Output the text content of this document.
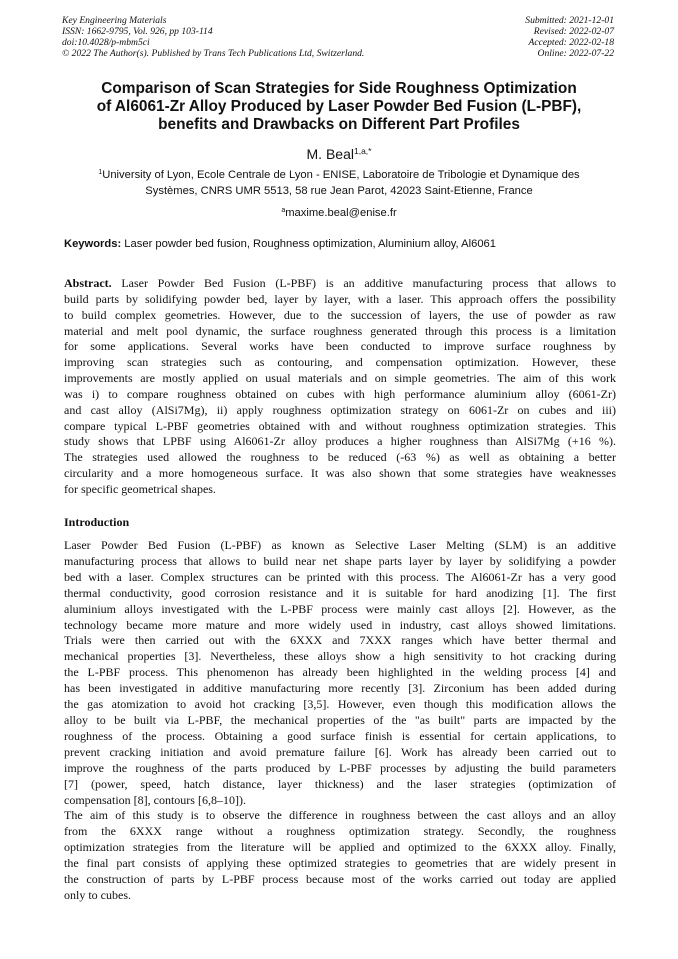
Key Engineering Materials
ISSN: 1662-9795, Vol. 926, pp 103-114
doi:10.4028/p-mbm5ci
© 2022 The Author(s). Published by Trans Tech Publications Ltd, Switzerland.
Submitted: 2021-12-01
Revised: 2022-02-07
Accepted: 2022-02-18
Online: 2022-07-22
Comparison of Scan Strategies for Side Roughness Optimization
of Al6061-Zr Alloy Produced by Laser Powder Bed Fusion (L-PBF),
benefits and Drawbacks on Different Part Profiles
M. Beal$^{1,a,*}$
$^1$University of Lyon, Ecole Centrale de Lyon - ENISE, Laboratoire de Tribologie et Dynamique des
Systèmes, CNRS UMR 5513, 58 rue Jean Parot, 42023 Saint-Etienne, France
$^a$maxime.beal@enise.fr
Keywords: Laser powder bed fusion, Roughness optimization, Aluminium alloy, Al6061
Abstract. Laser Powder Bed Fusion (L-PBF) is an additive manufacturing process that allows to
build parts by solidifying powder bed, layer by layer, with a laser. This approach offers the possibility
to build complex geometries. However, due to the succession of layers, the use of powder as raw
material and melt pool dynamic, the surface roughness generated through this process is a limitation
for some applications. Several works have been conducted to improve surface roughness by
improving scan strategies such as contouring, and compensation optimization. However, these
improvements are mostly applied on usual materials and on simple geometries. The aim of this work
was i) to compare roughness obtained on cubes with high performance aluminium alloy (6061-Zr)
and cast alloy (AlSi7Mg), ii) apply roughness optimization strategy on 6061-Zr on cubes and iii)
compare typical L-PBF geometries obtained with and without roughness optimization strategies. This
study shows that LPBF using Al6061-Zr alloy produces a higher roughness than AlSi7Mg (+16 %).
The strategies used allowed the roughness to be reduced (-63 %) as well as obtaining a better
circularity and a more homogeneous surface. It was also shown that some strategies have weaknesses
for specific geometrical shapes.
Introduction

Laser Powder Bed Fusion (L-PBF) as known as Selective Laser Melting (SLM) is an additive
manufacturing process that allows to build near net shape parts layer by layer by solidifying a powder
bed with a laser. Complex structures can be printed with this process. The Al6061-Zr has a very good
thermal conductivity, good corrosion resistance and it is suitable for hard anodizing [1]. The first
aluminium alloys investigated with the L-PBF process were mainly cast alloys [2]. However, as the
technology became more mature and more widely used in industry, cast alloys showed limitations.
Trials were then carried out with the 6XXX and 7XXX ranges which have better thermal and
mechanical properties [3]. Nevertheless, these alloys show a high sensitivity to hot cracking during
the L-PBF process. This phenomenon has already been highlighted in the welding process [4] and
has been investigated in additive manufacturing more recently [3]. Zirconium has been added during
the gas atomization to avoid hot cracking [3,5]. However, even though this modification allows the
alloy to be built via L-PBF, the mechanical properties of the "as built" parts are impacted by the
roughness of the process. Obtaining a good surface finish is essential for certain applications, to
prevent cracking initiation and avoid premature failure [6]. Work has already been carried out to
improve the roughness of the parts produced by L-PBF processes by adjusting the build parameters
[7] (power, speed, hatch distance, layer thickness) and the laser strategies (optimization of
compensation [8], contours [6,8–10]).

The aim of this study is to observe the difference in roughness between the cast alloys and an alloy
from the 6XXX range without a roughness optimization strategy. Secondly, the roughness
optimization strategies from the literature will be applied and optimized to the 6XXX alloy. Finally,
the final part consists of applying these optimized strategies to geometries that are widely present in
the construction of parts by L-PBF process because most of the works carried out today are applied
only to cubes.
